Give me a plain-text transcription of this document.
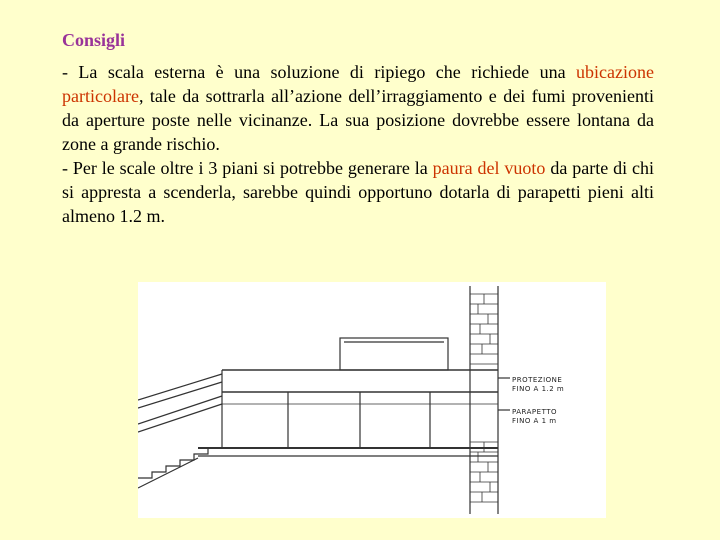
Consigli
- La scala esterna è una soluzione di ripiego che richiede una ubicazione particolare, tale da sottrarla all’azione dell’irraggiamento e dei fumi provenienti da aperture poste nelle vicinanze. La sua posizione dovrebbe essere lontana da zone a grande rischio.
- Per le scale oltre i 3 piani si potrebbe generare la paura del vuoto da parte di chi si appresta a scenderla, sarebbe quindi opportuno dotarla di parapetti pieni alti almeno 1.2 m.
PROTEZIONE
FINO A 1.2 m
PARAPETTO
FINO A 1 m
